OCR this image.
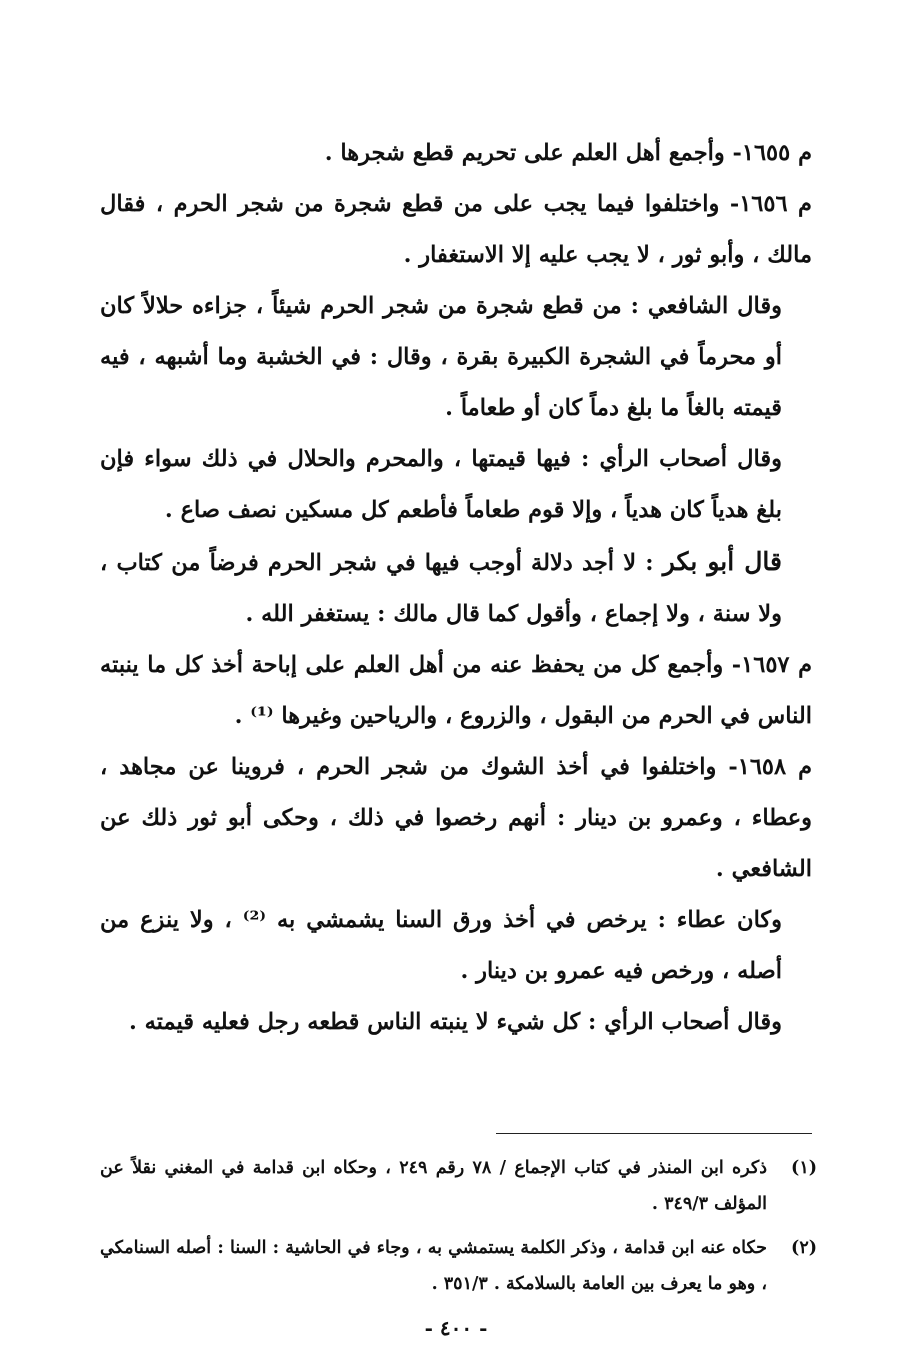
م ١٦٥٥- وأجمع أهل العلم على تحريم قطع شجرها .

م ١٦٥٦- واختلفوا فيما يجب على من قطع شجرة من شجر الحرم ، فقال مالك ، وأبو ثور ، لا يجب عليه إلا الاستغفار .

وقال الشافعي : من قطع شجرة من شجر الحرم شيئاً ، جزاءه حلالاً كان أو محرماً في الشجرة الكبيرة بقرة ، وقال : في الخشبة وما أشبهه ، فيه قيمته بالغاً ما بلغ دماً كان أو طعاماً .

وقال أصحاب الرأي : فيها قيمتها ، والمحرم والحلال في ذلك سواء فإن بلغ هدياً كان هدياً ، وإلا قوم طعاماً فأطعم كل مسكين نصف صاع .

قال أبو بكر : لا أجد دلالة أوجب فيها في شجر الحرم فرضاً من كتاب ، ولا سنة ، ولا إجماع ، وأقول كما قال مالك : يستغفر الله .

م ١٦٥٧- وأجمع كل من يحفظ عنه من أهل العلم على إباحة أخذ كل ما ينبته الناس في الحرم من البقول ، والزروع ، والرياحين وغيرها ⁽¹⁾ .

م ١٦٥٨- واختلفوا في أخذ الشوك من شجر الحرم ، فروينا عن مجاهد ، وعطاء ، وعمرو بن دينار : أنهم رخصوا في ذلك ، وحكى أبو ثور ذلك عن الشافعي .

وكان عطاء : يرخص في أخذ ورق السنا يشمشي به ⁽²⁾ ، ولا ينزع من أصله ، ورخص فيه عمرو بن دينار .

وقال أصحاب الرأي : كل شيء لا ينبته الناس قطعه رجل فعليه قيمته .

(١)
ذكره ابن المنذر في كتاب الإجماع / ٧٨ رقم ٢٤٩ ، وحكاه ابن قدامة في المغني نقلاً عن المؤلف ٣٤٩/٣ .
(٢)
حكاه عنه ابن قدامة ، وذكر الكلمة يستمشي به ، وجاء في الحاشية : السنا : أصله السنامكي ، وهو ما يعرف بين العامة بالسلامكة . ٣٥١/٣ .
- ٤٠٠ -
